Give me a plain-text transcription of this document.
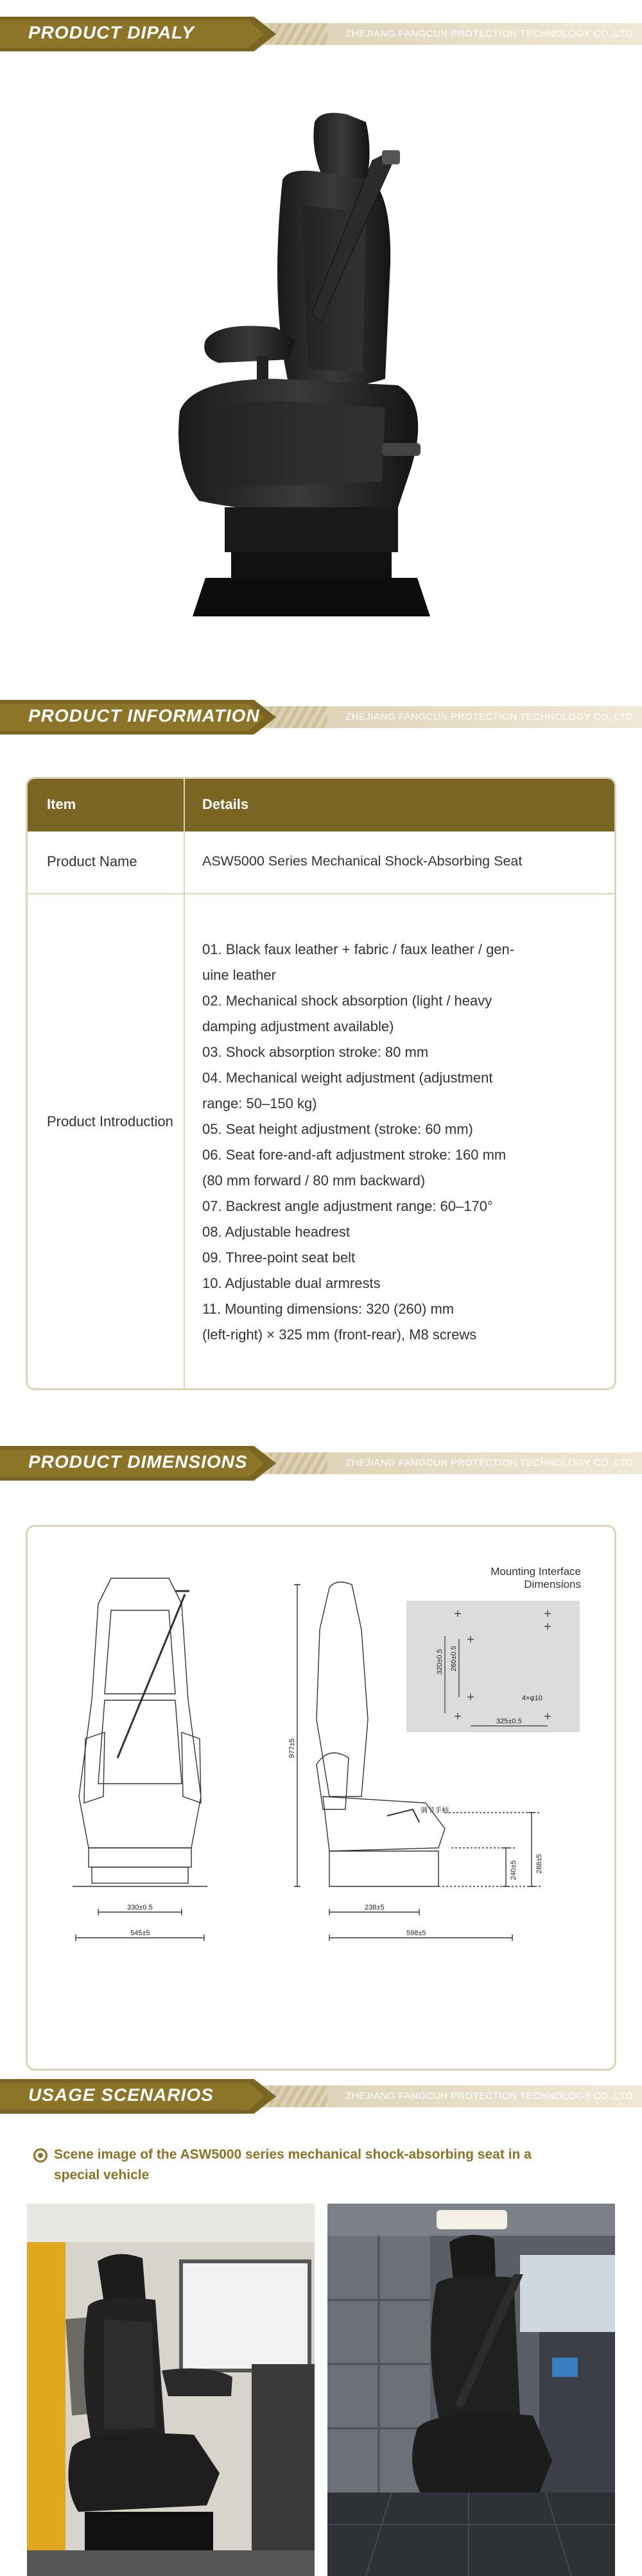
PRODUCT DIPALY	ZHEJIANG FANGCUN PROTECTION TECHNOLOGY CO.,LTD
PRODUCT INFORMATION	ZHEJIANG FANGCUN PROTECTION TECHNOLOGY CO.,LTD
Item	Details
Product Name	ASW5000 Series Mechanical Shock-Absorbing Seat
Product Introduction
01. Black faux leather + fabric / faux leather / gen-
uine leather
02. Mechanical shock absorption (light / heavy
damping adjustment available)
03. Shock absorption stroke: 80 mm
04. Mechanical weight adjustment (adjustment
range: 50–150 kg)
05. Seat height adjustment (stroke: 60 mm)
06. Seat fore-and-aft adjustment stroke: 160 mm
(80 mm forward / 80 mm backward)
07. Backrest angle adjustment range: 60–170°
08. Adjustable headrest
09. Three-point seat belt
10. Adjustable dual armrests
11. Mounting dimensions: 320 (260) mm
(left-right) × 325 mm (front-rear), M8 screws
PRODUCT DIMENSIONS	ZHEJIANG FANGCUN PROTECTION TECHNOLOGY CO.,LTD
Mounting Interface
Dimensions
325±0.5
4×φ10
320±0.5 260±0.5
330±0.5
545±5
977±5
238±5
598±5
240±5	288±5
调节手柄
USAGE SCENARIOS	ZHEJIANG FANGCUN PROTECTION TECHNOLOGY CO.,LTD
Scene image of the ASW5000 series mechanical shock-absorbing seat in a special vehicle
